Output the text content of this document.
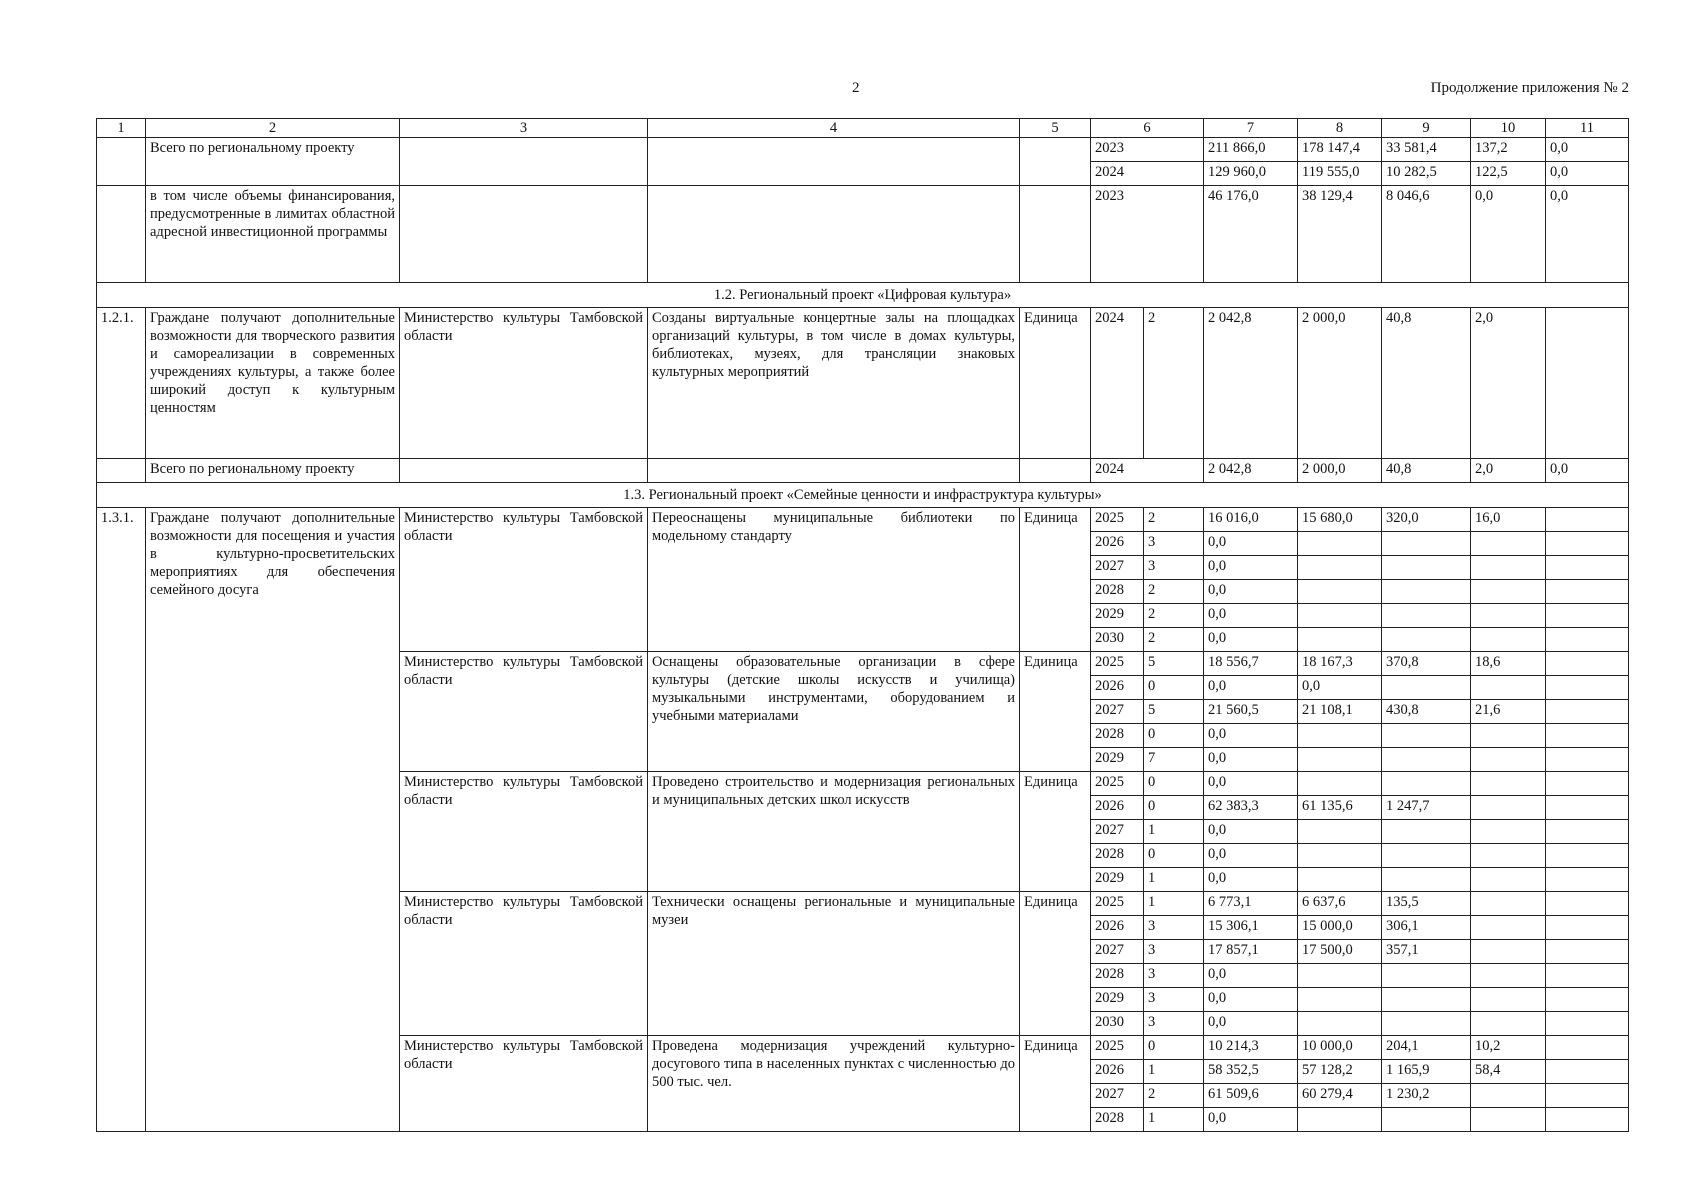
2	Продолжение приложения № 2
1	2	3	4	5	6		7	8	9	10	11
	Всего по региональному проекту				2023		211 866,0	178 147,4	33 581,4	137,2	0,0
					2024		129 960,0	119 555,0	10 282,5	122,5	0,0
	в том числе объемы финансирования, предусмотренные в лимитах областной адресной инвестиционной программы				2023		46 176,0	38 129,4	8 046,6	0,0	0,0
1.2. Региональный проект «Цифровая культура»											
1.2.1.	Граждане получают дополнительные возможности для творческого развития и самореализации в современных учреждениях культуры, а также более широкий доступ к культурным ценностям	Министерство культуры Тамбовской области	Созданы виртуальные концертные залы на площадках организаций культуры, в том числе в домах культуры, библиотеках, музеях, для трансляции знаковых культурных мероприятий	Единица	2024	2	2 042,8	2 000,0	40,8	2,0	
	Всего по региональному проекту				2024		2 042,8	2 000,0	40,8	2,0	0,0
1.3. Региональный проект «Семейные ценности и инфраструктура культуры»											
1.3.1.	Граждане получают дополнительные возможности для посещения и участия в культурно-просветительских мероприятиях для обеспечения семейного досуга	Министерство культуры Тамбовской области	Переоснащены муниципальные библиотеки по модельному стандарту	Единица	2025	2	16 016,0	15 680,0	320,0	16,0	
					2026	3	0,0				
					2027	3	0,0				
					2028	2	0,0				
					2029	2	0,0				
					2030	2	0,0				
		Министерство культуры Тамбовской области	Оснащены образовательные организации в сфере культуры (детские школы искусств и училища) музыкальными инструментами, оборудованием и учебными материалами	Единица	2025	5	18 556,7	18 167,3	370,8	18,6	
					2026	0	0,0	0,0			
					2027	5	21 560,5	21 108,1	430,8	21,6	
					2028	0	0,0				
					2029	7	0,0				
		Министерство культуры Тамбовской области	Проведено строительство и модернизация региональных и муниципальных детских школ искусств	Единица	2025	0	0,0				
					2026	0	62 383,3	61 135,6	1 247,7		
					2027	1	0,0				
					2028	0	0,0				
					2029	1	0,0				
		Министерство культуры Тамбовской области	Технически оснащены региональные и муниципальные музеи	Единица	2025	1	6 773,1	6 637,6	135,5		
					2026	3	15 306,1	15 000,0	306,1		
					2027	3	17 857,1	17 500,0	357,1		
					2028	3	0,0				
					2029	3	0,0				
					2030	3	0,0				
		Министерство культуры Тамбовской области	Проведена модернизация учреждений культурно-досугового типа в населенных пунктах с численностью до 500 тыс. чел.	Единица	2025	0	10 214,3	10 000,0	204,1	10,2	
					2026	1	58 352,5	57 128,2	1 165,9	58,4	
					2027	2	61 509,6	60 279,4	1 230,2		
					2028	1	0,0				
